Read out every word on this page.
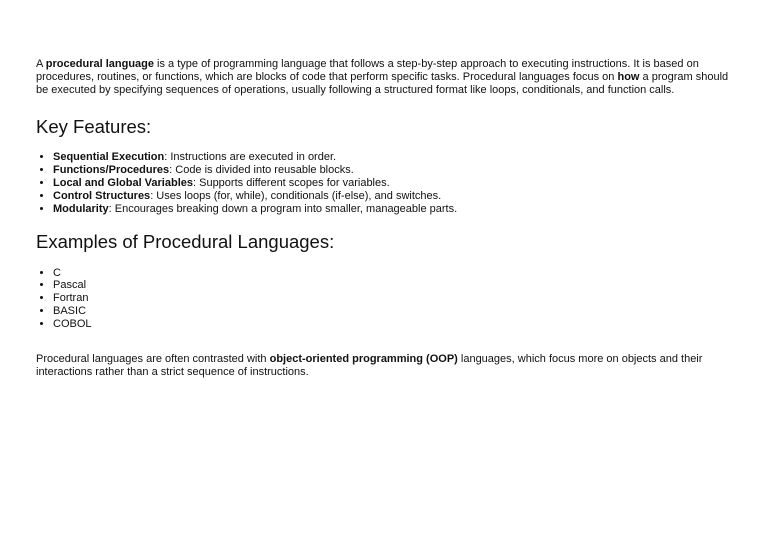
A procedural language is a type of programming language that follows a step-by-step approach to executing instructions. It is based on procedures, routines, or functions, which are blocks of code that perform specific tasks. Procedural languages focus on how a program should be executed by specifying sequences of operations, usually following a structured format like loops, conditionals, and function calls.

Key Features:
• Sequential Execution: Instructions are executed in order.
• Functions/Procedures: Code is divided into reusable blocks.
• Local and Global Variables: Supports different scopes for variables.
• Control Structures: Uses loops (for, while), conditionals (if-else), and switches.
• Modularity: Encourages breaking down a program into smaller, manageable parts.
Examples of Procedural Languages:
• C
• Pascal
• Fortran
• BASIC
• COBOL

Procedural languages are often contrasted with object-oriented programming (OOP) languages, which focus more on objects and their interactions rather than a strict sequence of instructions.
